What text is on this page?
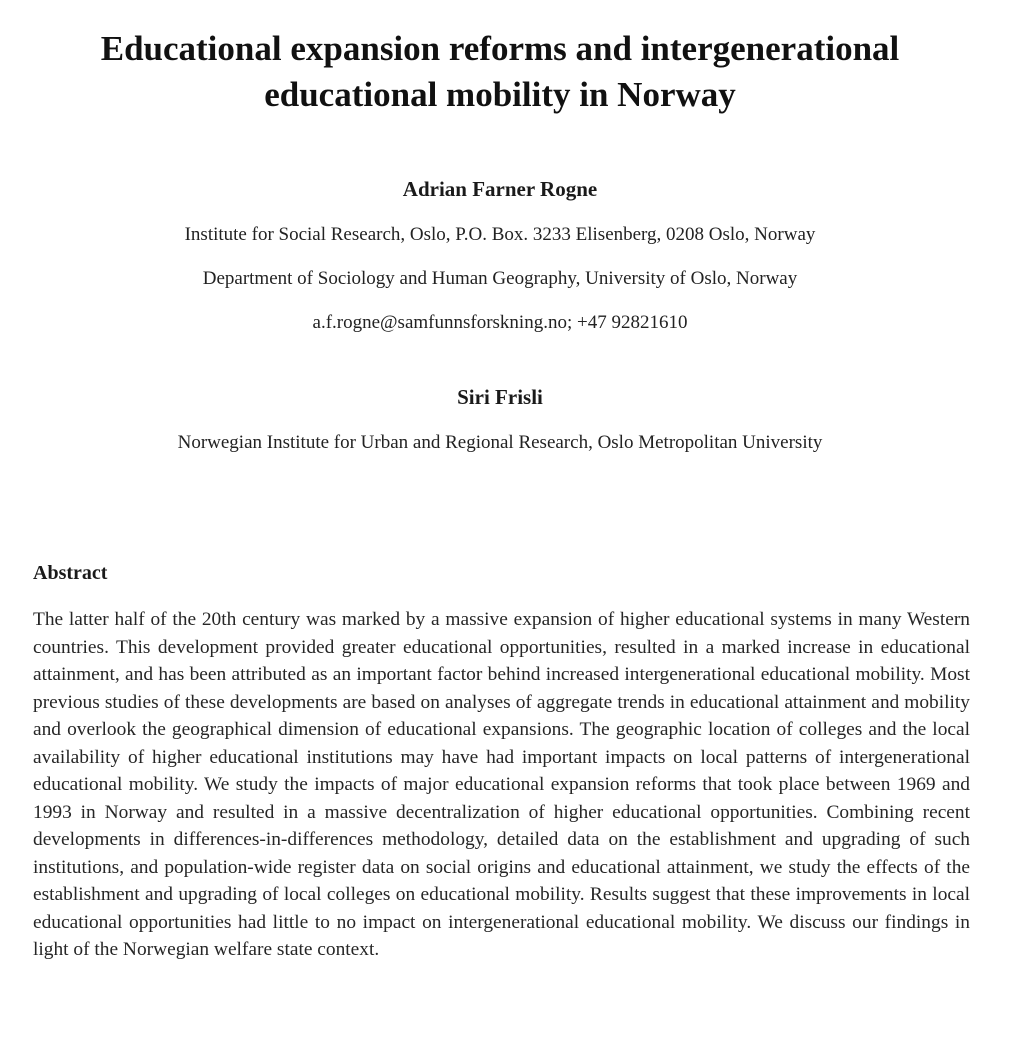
Educational expansion reforms and intergenerational
educational mobility in Norway

Adrian Farner Rogne

Institute for Social Research, Oslo, P.O. Box. 3233 Elisenberg, 0208 Oslo, Norway

Department of Sociology and Human Geography, University of Oslo, Norway

a.f.rogne@samfunnsforskning.no; +47 92821610

Siri Frisli

Norwegian Institute for Urban and Regional Research, Oslo Metropolitan University

Abstract

The latter half of the 20th century was marked by a massive expansion of higher educational systems in many Western countries. This development provided greater educational opportunities, resulted in a marked increase in educational attainment, and has been attributed as an important factor behind increased intergenerational educational mobility. Most previous studies of these developments are based on analyses of aggregate trends in educational attainment and mobility and overlook the geographical dimension of educational expansions. The geographic location of colleges and the local availability of higher educational institutions may have had important impacts on local patterns of intergenerational educational mobility. We study the impacts of major educational expansion reforms that took place between 1969 and 1993 in Norway and resulted in a massive decentralization of higher educational opportunities. Combining recent developments in differences-in-differences methodology, detailed data on the establishment and upgrading of such institutions, and population-wide register data on social origins and educational attainment, we study the effects of the establishment and upgrading of local colleges on educational mobility. Results suggest that these improvements in local educational opportunities had little to no impact on intergenerational educational mobility. We discuss our findings in light of the Norwegian welfare state context.
